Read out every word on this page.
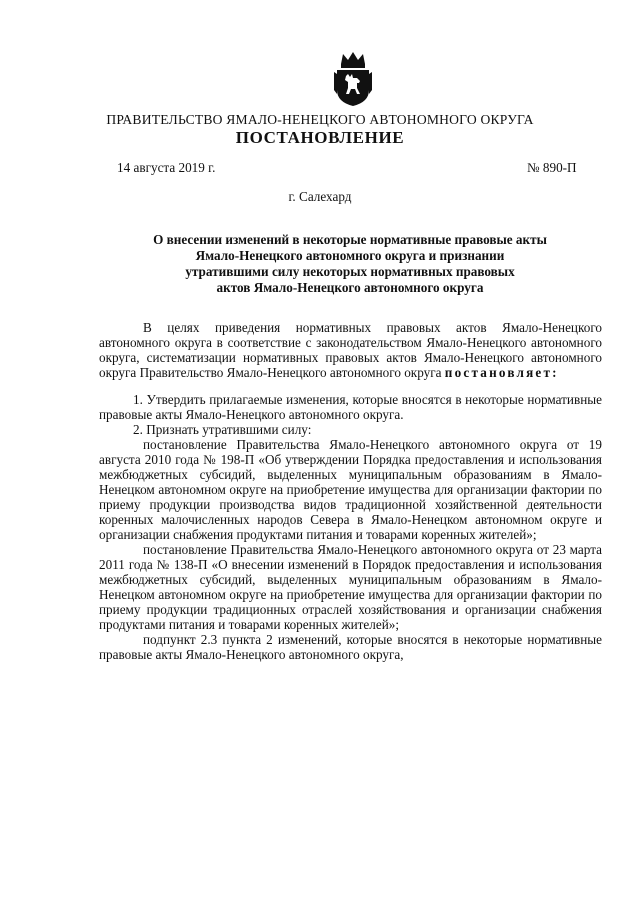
ПРАВИТЕЛЬСТВО ЯМАЛО-НЕНЕЦКОГО АВТОНОМНОГО ОКРУГА
ПОСТАНОВЛЕНИЕ
14 августа 2019 г.	№ 890-П
г. Салехард
О внесении изменений в некоторые нормативные правовые акты
Ямало-Ненецкого автономного округа и признании
утратившими силу некоторых нормативных правовых
актов Ямало-Ненецкого автономного округа

В целях приведения нормативных правовых актов Ямало-Ненецкого автономного округа в соответствие с законодательством Ямало-Ненецкого автономного округа, систематизации нормативных правовых актов Ямало-Ненецкого автономного округа Правительство Ямало-Ненецкого автономного округа постановляет:

1. Утвердить прилагаемые изменения, которые вносятся в некоторые нормативные правовые акты Ямало-Ненецкого автономного округа.

2. Признать утратившими силу:

постановление Правительства Ямало-Ненецкого автономного округа от 19 августа 2010 года № 198-П «Об утверждении Порядка предоставления и использования межбюджетных субсидий, выделенных муниципальным образованиям в Ямало-Ненецком автономном округе на приобретение имущества для организации фактории по приему продукции производства видов традиционной хозяйственной деятельности коренных малочисленных народов Севера в Ямало-Ненецком автономном округе и организации снабжения продуктами питания и товарами коренных жителей»;

постановление Правительства Ямало-Ненецкого автономного округа от 23 марта 2011 года № 138-П «О внесении изменений в Порядок предоставления и использования межбюджетных субсидий, выделенных муниципальным образованиям в Ямало-Ненецком автономном округе на приобретение имущества для организации фактории по приему продукции традиционных отраслей хозяйствования и организации снабжения продуктами питания и товарами коренных жителей»;

подпункт 2.3 пункта 2 изменений, которые вносятся в некоторые нормативные правовые акты Ямало-Ненецкого автономного округа,
